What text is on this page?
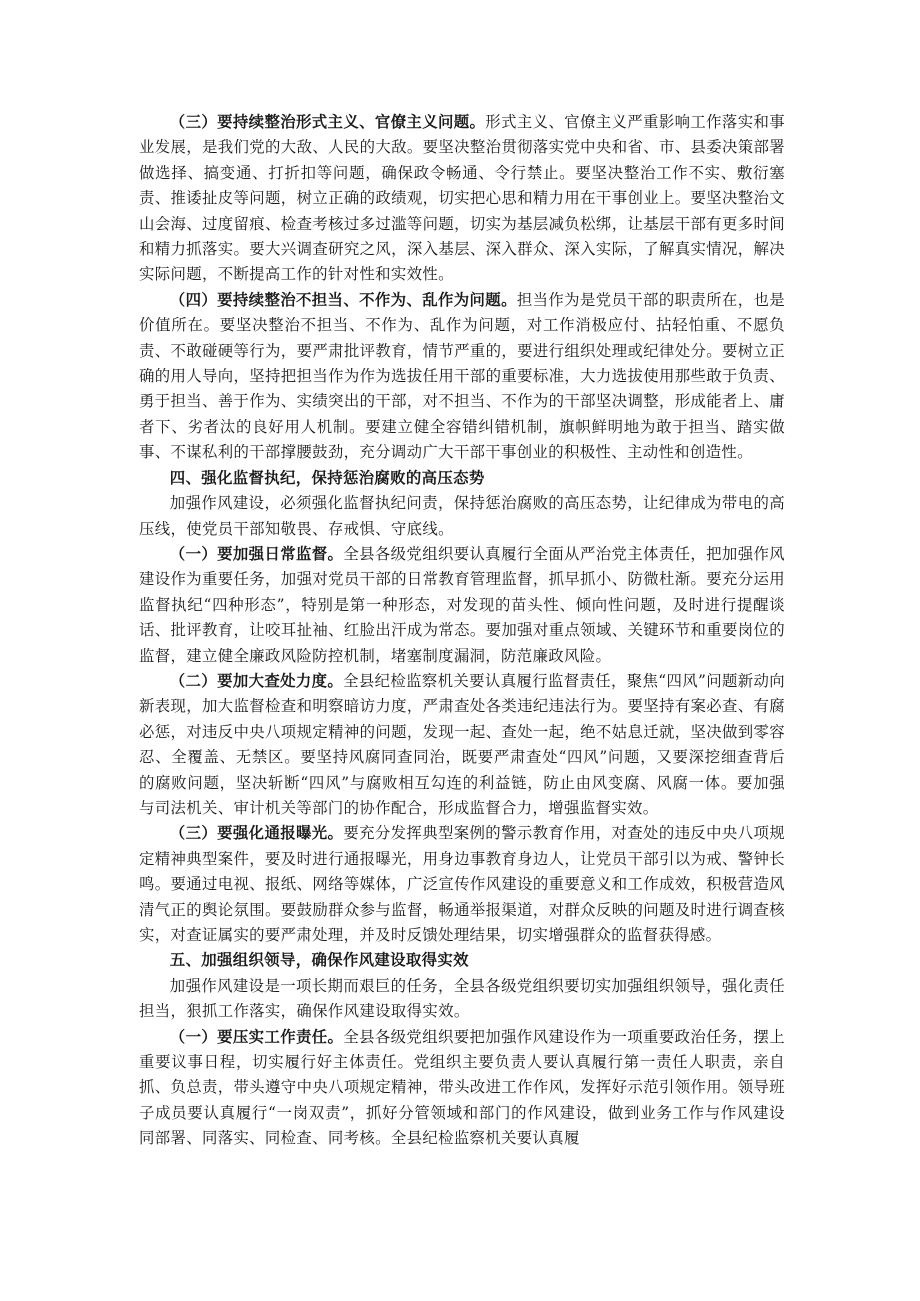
（三）要持续整治形式主义、官僚主义问题。形式主义、官僚主义严重影响工作落实和事业发展，是我们党的大敌、人民的大敌。要坚决整治贯彻落实党中央和省、市、县委决策部署做选择、搞变通、打折扣等问题，确保政令畅通、令行禁止。要坚决整治工作不实、敷衍塞责、推诿扯皮等问题，树立正确的政绩观，切实把心思和精力用在干事创业上。要坚决整治文山会海、过度留痕、检查考核过多过滥等问题，切实为基层减负松绑，让基层干部有更多时间和精力抓落实。要大兴调查研究之风，深入基层、深入群众、深入实际，了解真实情况，解决实际问题，不断提高工作的针对性和实效性。

（四）要持续整治不担当、不作为、乱作为问题。担当作为是党员干部的职责所在，也是价值所在。要坚决整治不担当、不作为、乱作为问题，对工作消极应付、拈轻怕重、不愿负责、不敢碰硬等行为，要严肃批评教育，情节严重的，要进行组织处理或纪律处分。要树立正确的用人导向，坚持把担当作为作为选拔任用干部的重要标准，大力选拔使用那些敢于负责、勇于担当、善于作为、实绩突出的干部，对不担当、不作为的干部坚决调整，形成能者上、庸者下、劣者汰的良好用人机制。要建立健全容错纠错机制，旗帜鲜明地为敢于担当、踏实做事、不谋私利的干部撑腰鼓劲，充分调动广大干部干事创业的积极性、主动性和创造性。

四、强化监督执纪，保持惩治腐败的高压态势

加强作风建设，必须强化监督执纪问责，保持惩治腐败的高压态势，让纪律成为带电的高压线，使党员干部知敬畏、存戒惧、守底线。

（一）要加强日常监督。全县各级党组织要认真履行全面从严治党主体责任，把加强作风建设作为重要任务，加强对党员干部的日常教育管理监督，抓早抓小、防微杜渐。要充分运用监督执纪“四种形态”，特别是第一种形态，对发现的苗头性、倾向性问题，及时进行提醒谈话、批评教育，让咬耳扯袖、红脸出汗成为常态。要加强对重点领域、关键环节和重要岗位的监督，建立健全廉政风险防控机制，堵塞制度漏洞，防范廉政风险。

（二）要加大查处力度。全县纪检监察机关要认真履行监督责任，聚焦“四风”问题新动向新表现，加大监督检查和明察暗访力度，严肃查处各类违纪违法行为。要坚持有案必查、有腐必惩，对违反中央八项规定精神的问题，发现一起、查处一起，绝不姑息迁就，坚决做到零容忍、全覆盖、无禁区。要坚持风腐同查同治，既要严肃查处“四风”问题，又要深挖细查背后的腐败问题，坚决斩断“四风”与腐败相互勾连的利益链，防止由风变腐、风腐一体。要加强与司法机关、审计机关等部门的协作配合，形成监督合力，增强监督实效。

（三）要强化通报曝光。要充分发挥典型案例的警示教育作用，对查处的违反中央八项规定精神典型案件，要及时进行通报曝光，用身边事教育身边人，让党员干部引以为戒、警钟长鸣。要通过电视、报纸、网络等媒体，广泛宣传作风建设的重要意义和工作成效，积极营造风清气正的舆论氛围。要鼓励群众参与监督，畅通举报渠道，对群众反映的问题及时进行调查核实，对查证属实的要严肃处理，并及时反馈处理结果，切实增强群众的监督获得感。

五、加强组织领导，确保作风建设取得实效

加强作风建设是一项长期而艰巨的任务，全县各级党组织要切实加强组织领导，强化责任担当，狠抓工作落实，确保作风建设取得实效。

（一）要压实工作责任。全县各级党组织要把加强作风建设作为一项重要政治任务，摆上重要议事日程，切实履行好主体责任。党组织主要负责人要认真履行第一责任人职责，亲自抓、负总责，带头遵守中央八项规定精神，带头改进工作作风，发挥好示范引领作用。领导班子成员要认真履行“一岗双责”，抓好分管领域和部门的作风建设，做到业务工作与作风建设同部署、同落实、同检查、同考核。全县纪检监察机关要认真履
